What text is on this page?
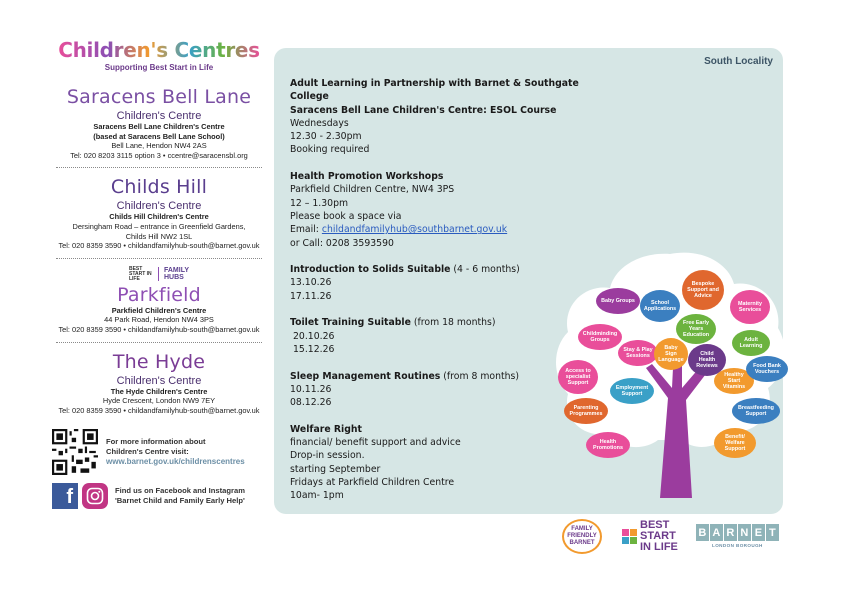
Children's Centres
Supporting Best Start in Life
Saracens Bell Lane
Children's Centre
Saracens Bell Lane Children's Centre
(based at Saracens Bell Lane School)
Bell Lane, Hendon NW4 2AS
Tel: 020 8203 3115 option 3 • ccentre@saracensbl.org
Childs Hill
Children's Centre
Childs Hill Children's Centre
Dersingham Road – entrance in Greenfield Gardens,
Childs Hill NW2 1SL
Tel: 020 8359 3590 • childandfamilyhub-south@barnet.gov.uk
BEST START IN LIFE
FAMILY
HUBS
Parkfield
Parkfield Children's Centre
44 Park Road, Hendon NW4 3PS
Tel: 020 8359 3590 • childandfamilyhub-south@barnet.gov.uk
The Hyde
Children's Centre
The Hyde Children's Centre
Hyde Crescent, London NW9 7EY
Tel: 020 8359 3590 • childandfamilyhub-south@barnet.gov.uk
For more information about
Children's Centre visit:
www.barnet.gov.uk/childrenscentres
f	Find us on Facebook and Instagram
'Barnet Child and Family Early Help'
South Locality
Adult Learning in Partnership with Barnet & Southgate College
Saracens Bell Lane Children's Centre: ESOL Course
Wednesdays
12.30 - 2.30pm
Booking required
Health Promotion Workshops
Parkfield Children Centre, NW4 3PS
12 – 1.30pm
Please book a space via
Email: childandfamilyhub@southbarnet.gov.uk
or Call: 0208 3593590
Introduction to Solids Suitable (4 - 6 months)
13.10.26
17.11.26
Toilet Training Suitable (from 18 months)
20.10.26
15.12.26
Sleep Management Routines (from 8 months)
10.11.26
08.12.26
Welfare Right
financial/ benefit support and advice
Drop-in session.
starting September
Fridays at Parkfield Children Centre
10am- 1pm
Baby Groups	School Applications
Bespoke Support and Advice
Free Early Years Education
Maternity Services
Childminding Groups
Stay & Play Sessions
Baby Sign Language
Child Health Reviews
Adult Learning
Access to specialist Support
Employment Support
Healthy Start Vitamins
Food Bank Vouchers
Parenting Programmes
Breastfeeding Support
Health Promotions
Benefit/ Welfare Support
FAMILY FRIENDLY BARNET
BEST
START
IN LIFE
B A R N E T
LONDON BOROUGH
